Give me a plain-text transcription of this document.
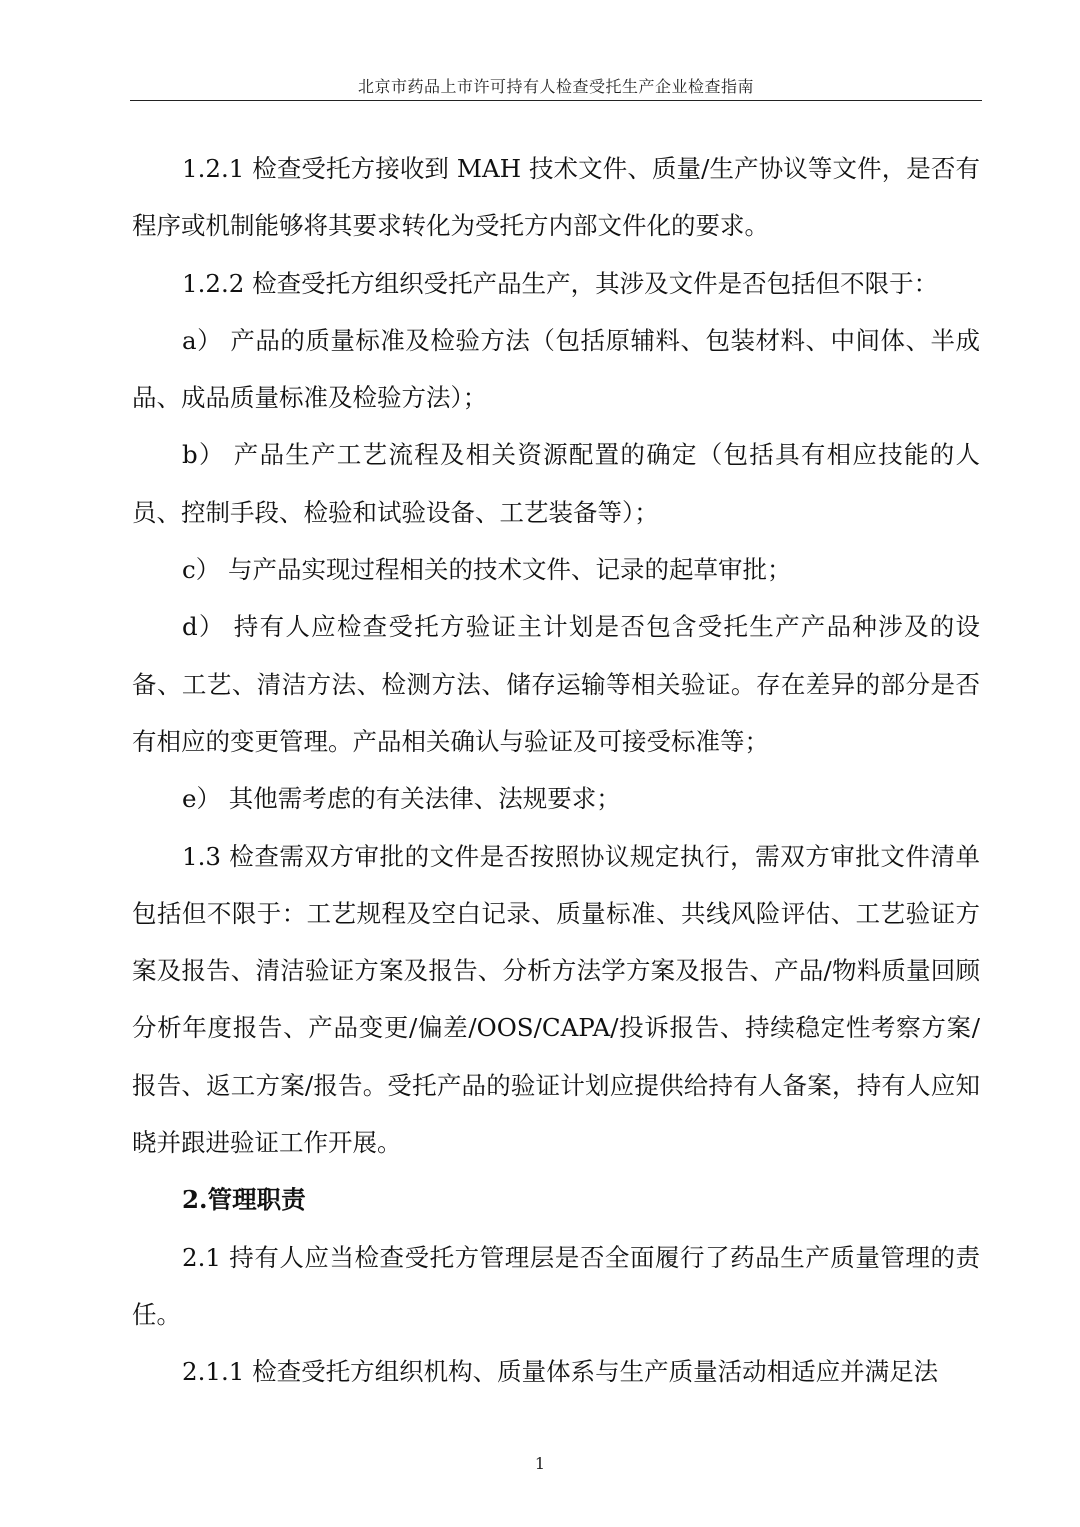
北京市药品上市许可持有人检查受托生产企业检查指南

1.2.1 检查受托方接收到 MAH 技术文件、质量/生产协议等文件，是否有程序或机制能够将其要求转化为受托方内部文件化的要求。

1.2.2 检查受托方组织受托产品生产，其涉及文件是否包括但不限于：

a） 产品的质量标准及检验方法（包括原辅料、包装材料、中间体、半成品、成品质量标准及检验方法）；

b） 产品生产工艺流程及相关资源配置的确定（包括具有相应技能的人员、控制手段、检验和试验设备、工艺装备等）；

c） 与产品实现过程相关的技术文件、记录的起草审批；

d） 持有人应检查受托方验证主计划是否包含受托生产产品种涉及的设备、工艺、清洁方法、检测方法、储存运输等相关验证。存在差异的部分是否有相应的变更管理。产品相关确认与验证及可接受标准等；

e） 其他需考虑的有关法律、法规要求；

1.3 检查需双方审批的文件是否按照协议规定执行，需双方审批文件清单包括但不限于：工艺规程及空白记录、质量标准、共线风险评估、工艺验证方案及报告、清洁验证方案及报告、分析方法学方案及报告、产品/物料质量回顾分析年度报告、产品变更/偏差/OOS/CAPA/投诉报告、持续稳定性考察方案/报告、返工方案/报告。受托产品的验证计划应提供给持有人备案，持有人应知晓并跟进验证工作开展。

2.管理职责

2.1 持有人应当检查受托方管理层是否全面履行了药品生产质量管理的责任。

2.1.1 检查受托方组织机构、质量体系与生产质量活动相适应并满足法

1
